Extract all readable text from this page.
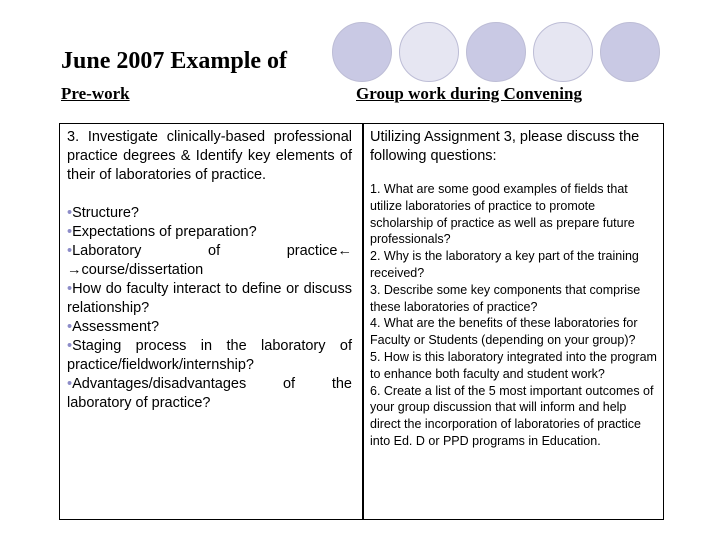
June 2007 Example of
Pre-work	Group work during Convening
3. Investigate clinically-based professional practice degrees & Identify key elements of their of laboratories of practice.
•Structure?
•Expectations of preparation?
•Laboratory of practice← →course/dissertation
•How do faculty interact to define or discuss relationship?
•Assessment?
•Staging process in the laboratory of practice/fieldwork/internship?
•Advantages/disadvantages of the laboratory of practice?
Utilizing Assignment 3, please discuss the following questions:
1. What are some good examples of fields that utilize laboratories of practice to promote scholarship of practice as well as prepare future professionals?
2. Why is the laboratory a key part of the training received?
3. Describe some key components that comprise these laboratories of practice?
4. What are the benefits of these laboratories for Faculty or Students (depending on your group)?
5. How is this laboratory integrated into the program to enhance both faculty and student work?
6. Create a list of the 5 most important outcomes of your group discussion that will inform and help direct the incorporation of laboratories of practice into Ed. D or PPD programs in Education.
